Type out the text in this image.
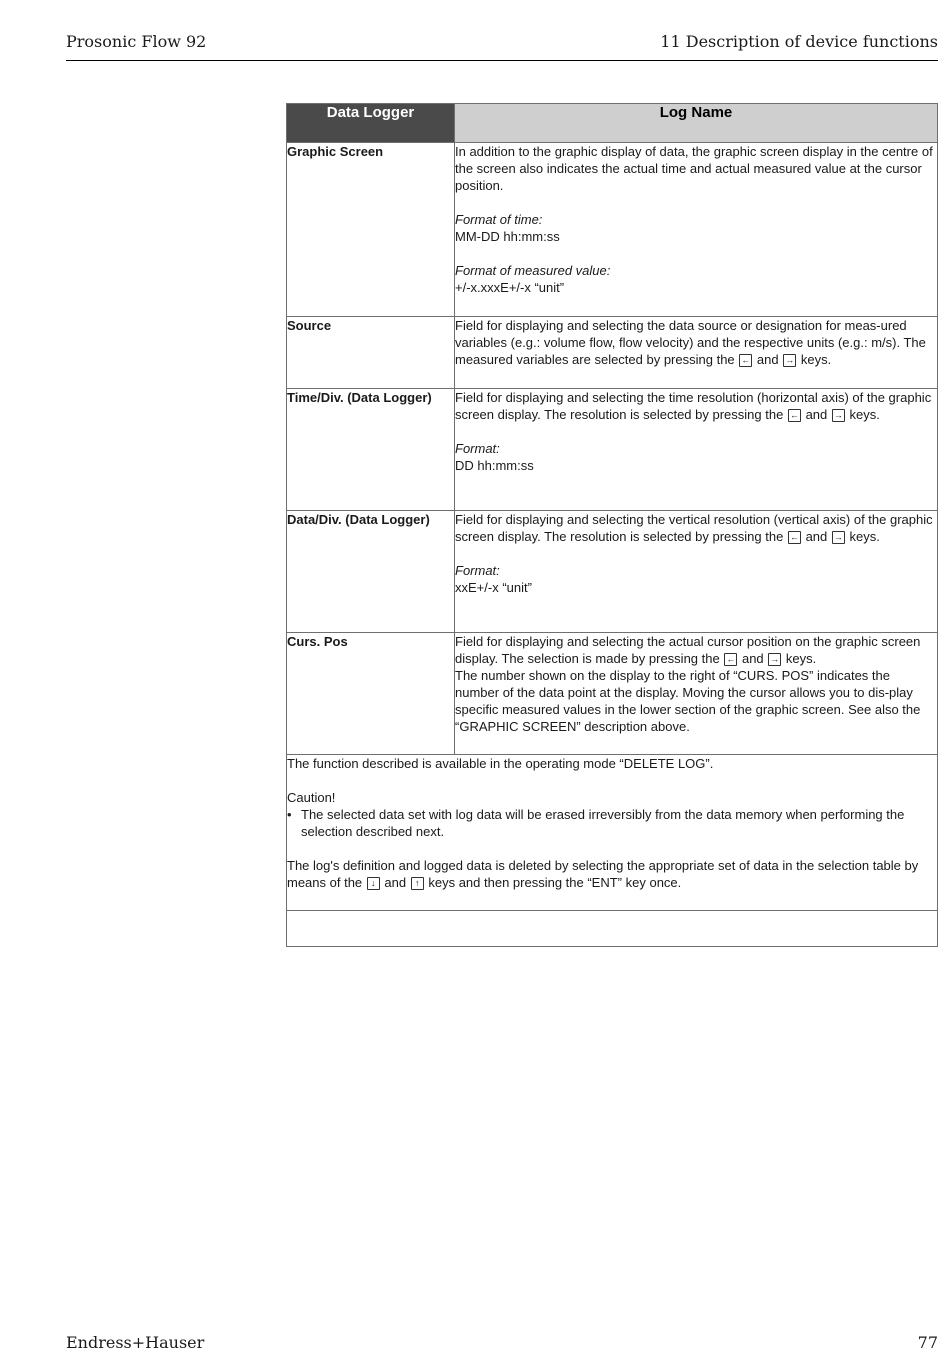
Prosonic Flow 92	11 Description of device functions
Data Logger	Log Name
Graphic Screen	In addition to the graphic display of data, the graphic screen display in the centre of the screen also indicates the actual time and actual measured value at the cursor position.

Format of time:

MM-DD hh:mm:ss

Format of measured value:

+/-x.xxxE+/-x “unit”

Source	Field for displaying and selecting the data source or designation for meas-ured variables (e.g.: volume flow, flow velocity) and the respective units (e.g.: m/s). The measured variables are selected by pressing the ← and → keys.

Time/Div. (Data Logger)	Field for displaying and selecting the time resolution (horizontal axis) of the graphic screen display. The resolution is selected by pressing the ← and → keys.

Format:

DD hh:mm:ss

Data/Div. (Data Logger)	Field for displaying and selecting the vertical resolution (vertical axis) of the graphic screen display. The resolution is selected by pressing the ← and → keys.

Format:

xxE+/-x “unit”

Curs. Pos	Field for displaying and selecting the actual cursor position on the graphic screen display. The selection is made by pressing the ← and → keys.

The number shown on the display to the right of “CURS. POS” indicates the number of the data point at the display. Moving the cursor allows you to dis-play specific measured values in the lower section of the graphic screen. See also the “GRAPHIC SCREEN” description above.

The function described is available in the operating mode “DELETE LOG”.

Caution!

• The selected data set with log data will be erased irreversibly from the data memory when performing the selection described next.

The log's definition and logged data is deleted by selecting the appropriate set of data in the selection table by means of the ↓ and ↑ keys and then pressing the “ENT” key once.	

Endress+Hauser	77
